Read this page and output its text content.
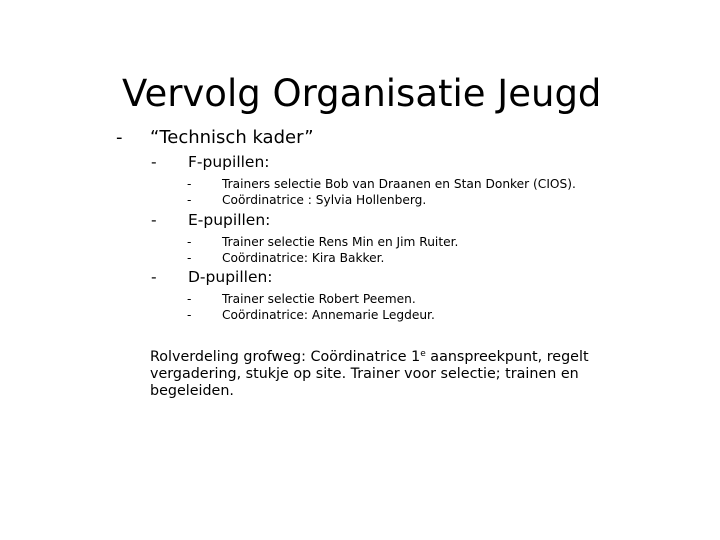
Vervolg Organisatie Jeugd
- “Technisch kader”
- F-pupillen:
-	Trainers selectie Bob van Draanen en Stan Donker (CIOS).
-	Coördinatrice : Sylvia Hollenberg.
- E-pupillen:
-	Trainer selectie Rens Min en Jim Ruiter.
-	Coördinatrice: Kira Bakker.
- D-pupillen:
-	Trainer selectie Robert Peemen.
-	Coördinatrice: Annemarie Legdeur.
Rolverdeling grofweg: Coördinatrice 1e aanspreekpunt, regelt vergadering, stukje op site. Trainer voor selectie; trainen en begeleiden.
